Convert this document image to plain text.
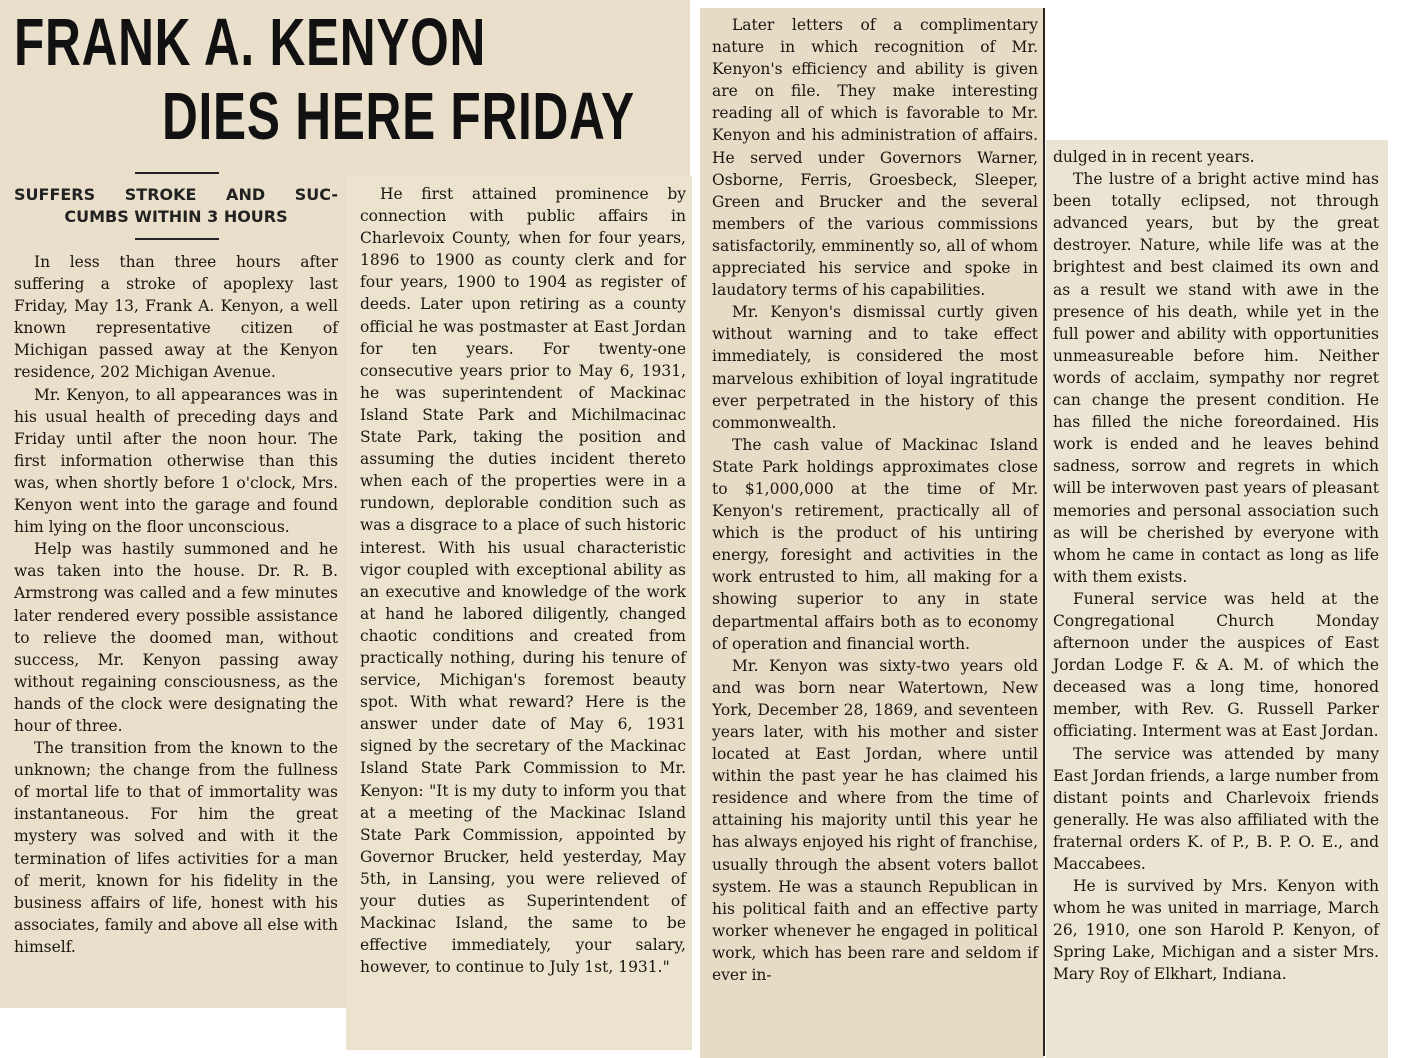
FRANK A. KENYON
DIES HERE FRIDAY
SUFFERS STROKE AND SUC-
CUMBS WITHIN 3 HOURS

In less than three hours after suffering a stroke of apoplexy last Friday, May 13, Frank A. Kenyon, a well known representative citizen of Michigan passed away at the Kenyon residence, 202 Michigan Avenue.

Mr. Kenyon, to all appearances was in his usual health of preceding days and Friday until after the noon hour. The first information otherwise than this was, when shortly before 1 o'clock, Mrs. Kenyon went into the garage and found him lying on the floor unconscious.

Help was hastily summoned and he was taken into the house. Dr. R. B. Armstrong was called and a few minutes later rendered every possible assistance to relieve the doomed man, without success, Mr. Kenyon passing away without regaining consciousness, as the hands of the clock were designating the hour of three.

The transition from the known to the unknown; the change from the fullness of mortal life to that of immortality was instantaneous. For him the great mystery was solved and with it the termination of lifes activities for a man of merit, known for his fidelity in the business affairs of life, honest with his associates, family and above all else with himself.

He first attained prominence by connection with public affairs in Charlevoix County, when for four years, 1896 to 1900 as county clerk and for four years, 1900 to 1904 as register of deeds. Later upon retiring as a county official he was postmaster at East Jordan for ten years. For twenty-one consecutive years prior to May 6, 1931, he was superintendent of Mackinac Island State Park and Michilmacinac State Park, taking the position and assuming the duties incident thereto when each of the properties were in a rundown, deplorable condition such as was a disgrace to a place of such historic interest. With his usual characteristic vigor coupled with exceptional ability as an executive and knowledge of the work at hand he labored diligently, changed chaotic conditions and created from practically nothing, during his tenure of service, Michigan's foremost beauty spot. With what reward? Here is the answer under date of May 6, 1931 signed by the secretary of the Mackinac Island State Park Commission to Mr. Kenyon: "It is my duty to inform you that at a meeting of the Mackinac Island State Park Commission, appointed by Governor Brucker, held yesterday, May 5th, in Lansing, you were relieved of your duties as Superintendent of Mackinac Island, the same to be effective immediately, your salary, however, to continue to July 1st, 1931."

Later letters of a complimentary nature in which recognition of Mr. Kenyon's efficiency and ability is given are on file. They make interesting reading all of which is favorable to Mr. Kenyon and his administration of affairs. He served under Governors Warner, Osborne, Ferris, Groesbeck, Sleeper, Green and Brucker and the several members of the various commissions satisfactorily, emminently so, all of whom appreciated his service and spoke in laudatory terms of his capabilities.

Mr. Kenyon's dismissal curtly given without warning and to take effect immediately, is considered the most marvelous exhibition of loyal ingratitude ever perpetrated in the history of this commonwealth.

The cash value of Mackinac Island State Park holdings approximates close to $1,000,000 at the time of Mr. Kenyon's retirement, practically all of which is the product of his untiring energy, foresight and activities in the work entrusted to him, all making for a showing superior to any in state departmental affairs both as to economy of operation and financial worth.

Mr. Kenyon was sixty-two years old and was born near Watertown, New York, December 28, 1869, and seventeen years later, with his mother and sister located at East Jordan, where until within the past year he has claimed his residence and where from the time of attaining his majority until this year he has always enjoyed his right of franchise, usually through the absent voters ballot system. He was a staunch Republican in his political faith and an effective party worker whenever he engaged in political work, which has been rare and seldom if ever in-

dulged in in recent years.

The lustre of a bright active mind has been totally eclipsed, not through advanced years, but by the great destroyer. Nature, while life was at the brightest and best claimed its own and as a result we stand with awe in the presence of his death, while yet in the full power and ability with opportunities unmeasureable before him. Neither words of acclaim, sympathy nor regret can change the present condition. He has filled the niche foreordained. His work is ended and he leaves behind sadness, sorrow and regrets in which will be interwoven past years of pleasant memories and personal association such as will be cherished by everyone with whom he came in contact as long as life with them exists.

Funeral service was held at the Congregational Church Monday afternoon under the auspices of East Jordan Lodge F. & A. M. of which the deceased was a long time, honored member, with Rev. G. Russell Parker officiating. Interment was at East Jordan.

The service was attended by many East Jordan friends, a large number from distant points and Charlevoix friends generally. He was also affiliated with the fraternal orders K. of P., B. P. O. E., and Maccabees.

He is survived by Mrs. Kenyon with whom he was united in marriage, March 26, 1910, one son Harold P. Kenyon, of Spring Lake, Michigan and a sister Mrs. Mary Roy of Elkhart, Indiana.
